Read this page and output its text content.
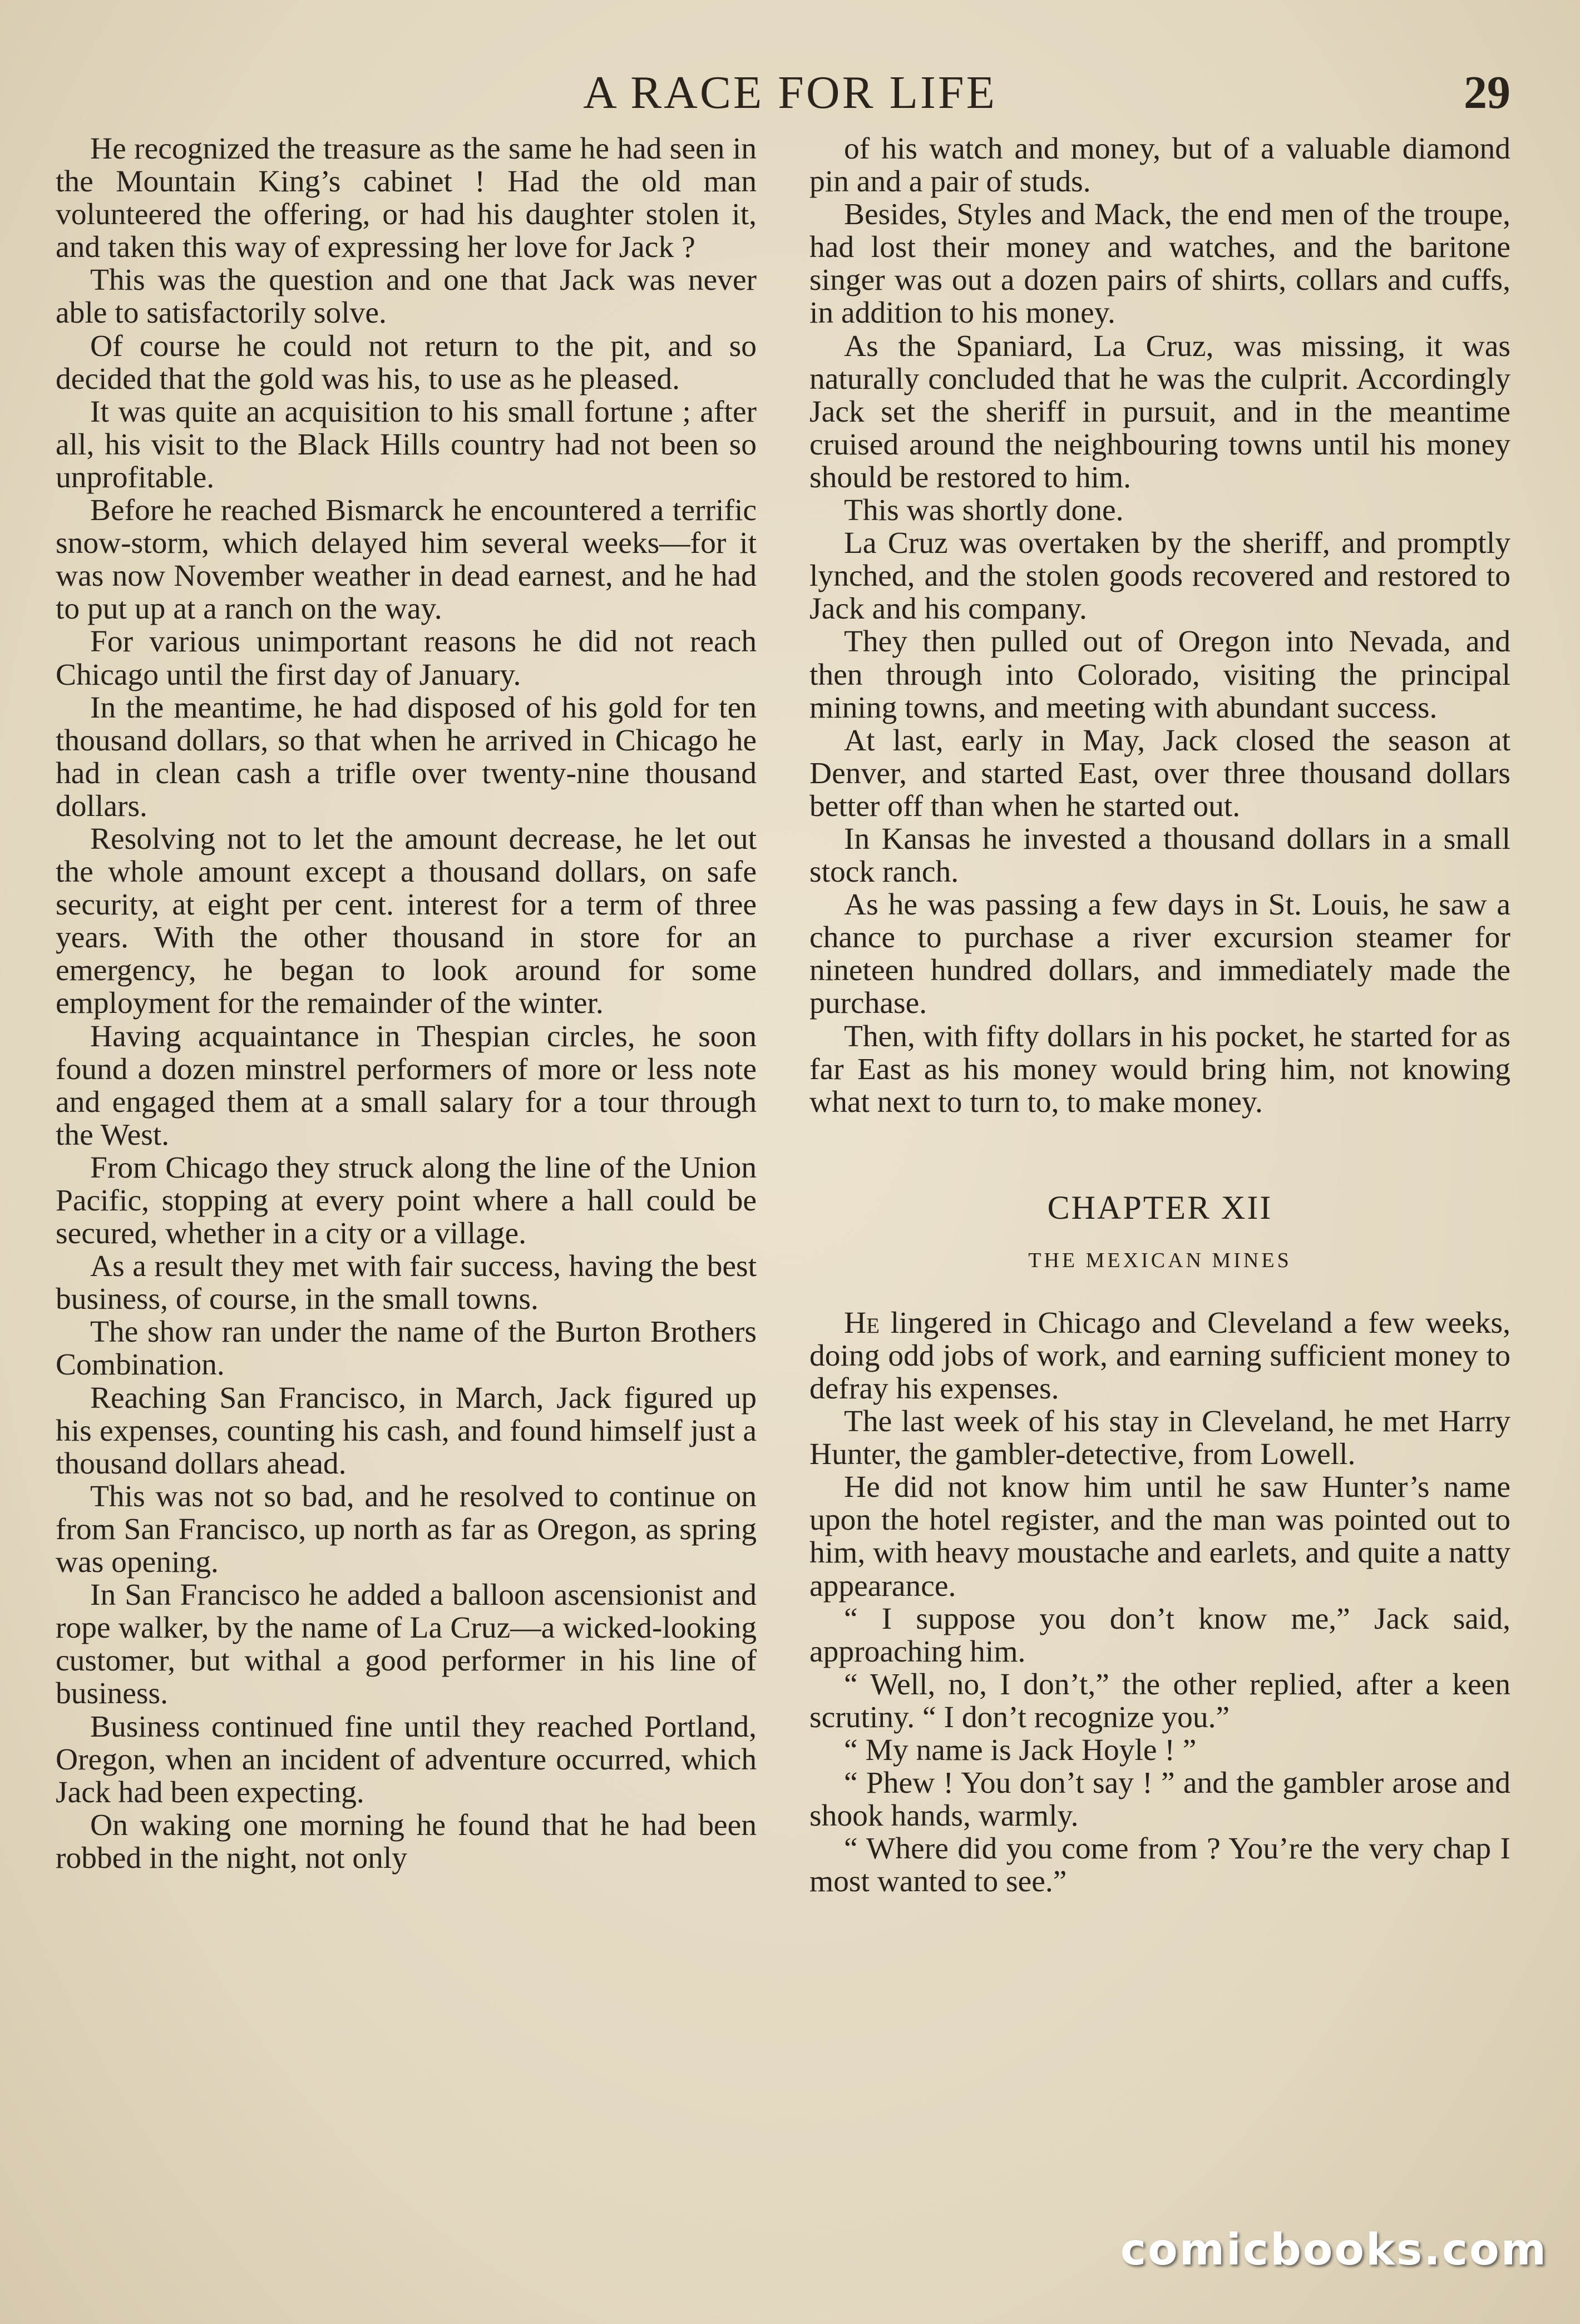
A RACE FOR LIFE	29

He recognized the treasure as the same he had seen in the Mountain King’s cabinet ! Had the old man volunteered the offering, or had his daughter stolen it, and taken this way of expressing her love for Jack ?

This was the question and one that Jack was never able to satisfactorily solve.

Of course he could not return to the pit, and so decided that the gold was his, to use as he pleased.

It was quite an acquisition to his small fortune ; after all, his visit to the Black Hills country had not been so unprofitable.

Before he reached Bismarck he encountered a terrific snow-storm, which delayed him several weeks—for it was now November weather in dead earnest, and he had to put up at a ranch on the way.

For various unimportant reasons he did not reach Chicago until the first day of January.

In the meantime, he had disposed of his gold for ten thousand dollars, so that when he arrived in Chicago he had in clean cash a trifle over twenty-nine thousand dollars.

Resolving not to let the amount decrease, he let out the whole amount except a thousand dollars, on safe security, at eight per cent. interest for a term of three years. With the other thousand in store for an emergency, he began to look around for some employment for the remainder of the winter.

Having acquaintance in Thespian circles, he soon found a dozen minstrel performers of more or less note and engaged them at a small salary for a tour through the West.

From Chicago they struck along the line of the Union Pacific, stopping at every point where a hall could be secured, whether in a city or a village.

As a result they met with fair success, having the best business, of course, in the small towns.

The show ran under the name of the Burton Brothers Combination.

Reaching San Francisco, in March, Jack figured up his expenses, counting his cash, and found himself just a thousand dollars ahead.

This was not so bad, and he resolved to continue on from San Francisco, up north as far as Oregon, as spring was opening.

In San Francisco he added a balloon ascensionist and rope walker, by the name of La Cruz—a wicked-looking customer, but withal a good performer in his line of business.

Business continued fine until they reached Portland, Oregon, when an incident of adventure occurred, which Jack had been expecting.

On waking one morning he found that he had been robbed in the night, not only

of his watch and money, but of a valuable diamond pin and a pair of studs.

Besides, Styles and Mack, the end men of the troupe, had lost their money and watches, and the baritone singer was out a dozen pairs of shirts, collars and cuffs, in addition to his money.

As the Spaniard, La Cruz, was missing, it was naturally concluded that he was the culprit. Accordingly Jack set the sheriff in pursuit, and in the meantime cruised around the neighbouring towns until his money should be restored to him.

This was shortly done.

La Cruz was overtaken by the sheriff, and promptly lynched, and the stolen goods recovered and restored to Jack and his company.

They then pulled out of Oregon into Nevada, and then through into Colorado, visiting the principal mining towns, and meeting with abundant success.

At last, early in May, Jack closed the season at Denver, and started East, over three thousand dollars better off than when he started out.

In Kansas he invested a thousand dollars in a small stock ranch.

As he was passing a few days in St. Louis, he saw a chance to purchase a river excursion steamer for nineteen hundred dollars, and immediately made the purchase.

Then, with fifty dollars in his pocket, he started for as far East as his money would bring him, not knowing what next to turn to, to make money.

CHAPTER XII
THE MEXICAN MINES

He lingered in Chicago and Cleveland a few weeks, doing odd jobs of work, and earning sufficient money to defray his expenses.

The last week of his stay in Cleveland, he met Harry Hunter, the gambler-detective, from Lowell.

He did not know him until he saw Hunter’s name upon the hotel register, and the man was pointed out to him, with heavy moustache and earlets, and quite a natty appearance.

“ I suppose you don’t know me,” Jack said, approaching him.

“ Well, no, I don’t,” the other replied, after a keen scrutiny. “ I don’t recognize you.”

“ My name is Jack Hoyle ! ”

“ Phew ! You don’t say ! ” and the gambler arose and shook hands, warmly.

“ Where did you come from ? You’re the very chap I most wanted to see.”

comicbooks.com
